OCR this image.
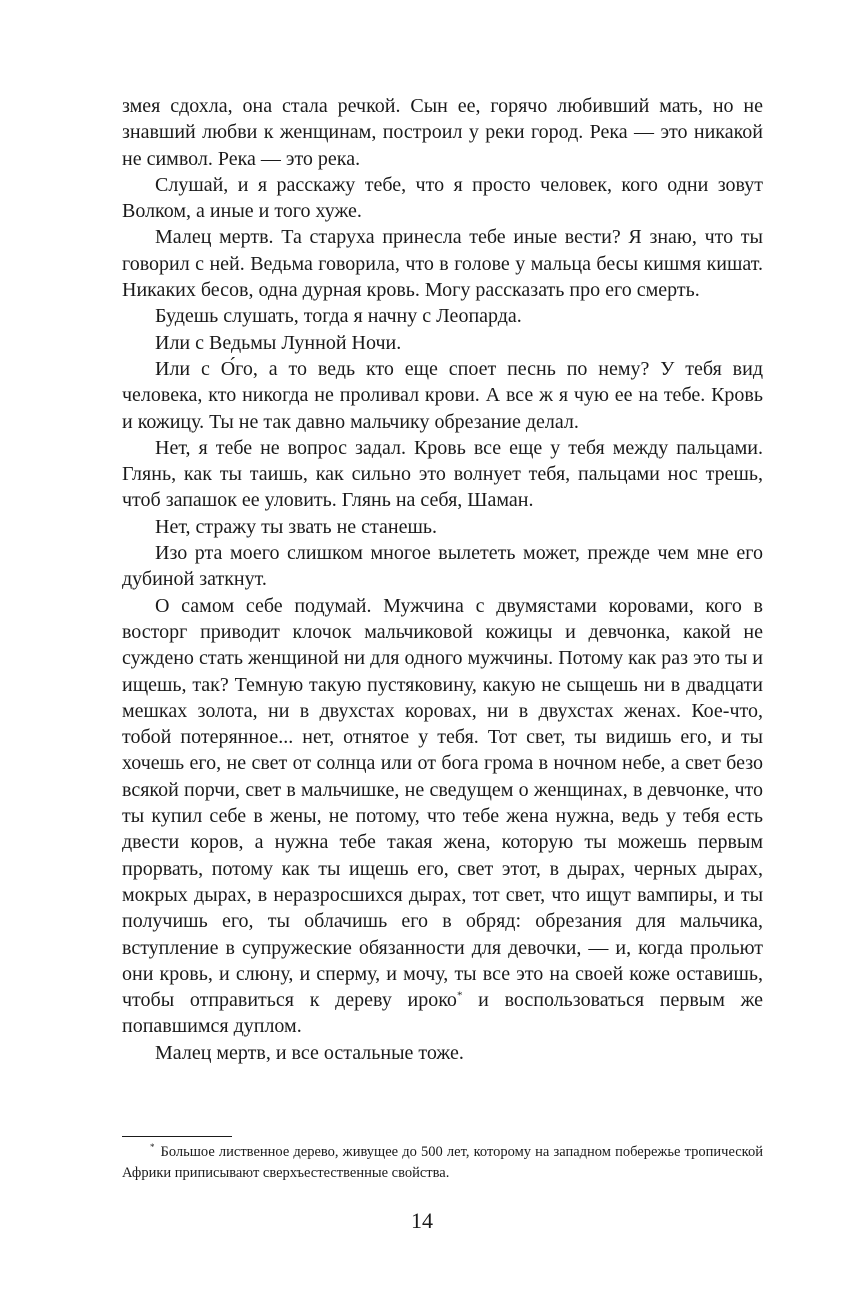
змея сдохла, она стала речкой. Сын ее, горячо любивший мать, но не знавший любви к женщинам, построил у реки город. Река — это никакой не символ. Река — это река.

Слушай, и я расскажу тебе, что я просто человек, кого одни зовут Волком, а иные и того хуже.

Малец мертв. Та старуха принесла тебе иные вести? Я знаю, что ты говорил с ней. Ведьма говорила, что в голове у мальца бесы кишмя кишат. Никаких бесов, одна дурная кровь. Могу рассказать про его смерть.

Будешь слушать, тогда я начну с Леопарда.

Или с Ведьмы Лунной Ночи.

Или с О́го, а то ведь кто еще споет песнь по нему? У тебя вид человека, кто никогда не проливал крови. А все ж я чую ее на тебе. Кровь и кожицу. Ты не так давно мальчику обрезание делал.

Нет, я тебе не вопрос задал. Кровь все еще у тебя между пальцами. Глянь, как ты таишь, как сильно это волнует тебя, пальцами нос трешь, чтоб запашок ее уловить. Глянь на себя, Шаман.

Нет, стражу ты звать не станешь.

Изо рта моего слишком многое вылететь может, прежде чем мне его дубиной заткнут.

О самом себе подумай. Мужчина с двумястами коровами, кого в восторг приводит клочок мальчиковой кожицы и девчонка, какой не суждено стать женщиной ни для одного мужчины. Потому как раз это ты и ищешь, так? Темную такую пустяковину, какую не сыщешь ни в двадцати мешках золота, ни в двухстах коровах, ни в двухстах женах. Кое-что, тобой потерянное... нет, отнятое у тебя. Тот свет, ты видишь его, и ты хочешь его, не свет от солнца или от бога грома в ночном небе, а свет безо всякой порчи, свет в мальчишке, не сведущем о женщинах, в девчонке, что ты купил себе в жены, не потому, что тебе жена нужна, ведь у тебя есть двести коров, а нужна тебе такая жена, которую ты можешь первым прорвать, потому как ты ищешь его, свет этот, в дырах, черных дырах, мокрых дырах, в неразросшихся дырах, тот свет, что ищут вампиры, и ты получишь его, ты облачишь его в обряд: обрезания для мальчика, вступление в супружеские обязанности для девочки, — и, когда прольют они кровь, и слюну, и сперму, и мочу, ты все это на своей коже оставишь, чтобы отправиться к дереву ироко* и воспользоваться первым же попавшимся дуплом.

Малец мертв, и все остальные тоже.

* Большое лиственное дерево, живущее до 500 лет, которому на западном побережье тропической Африки приписывают сверхъестественные свойства.

14
